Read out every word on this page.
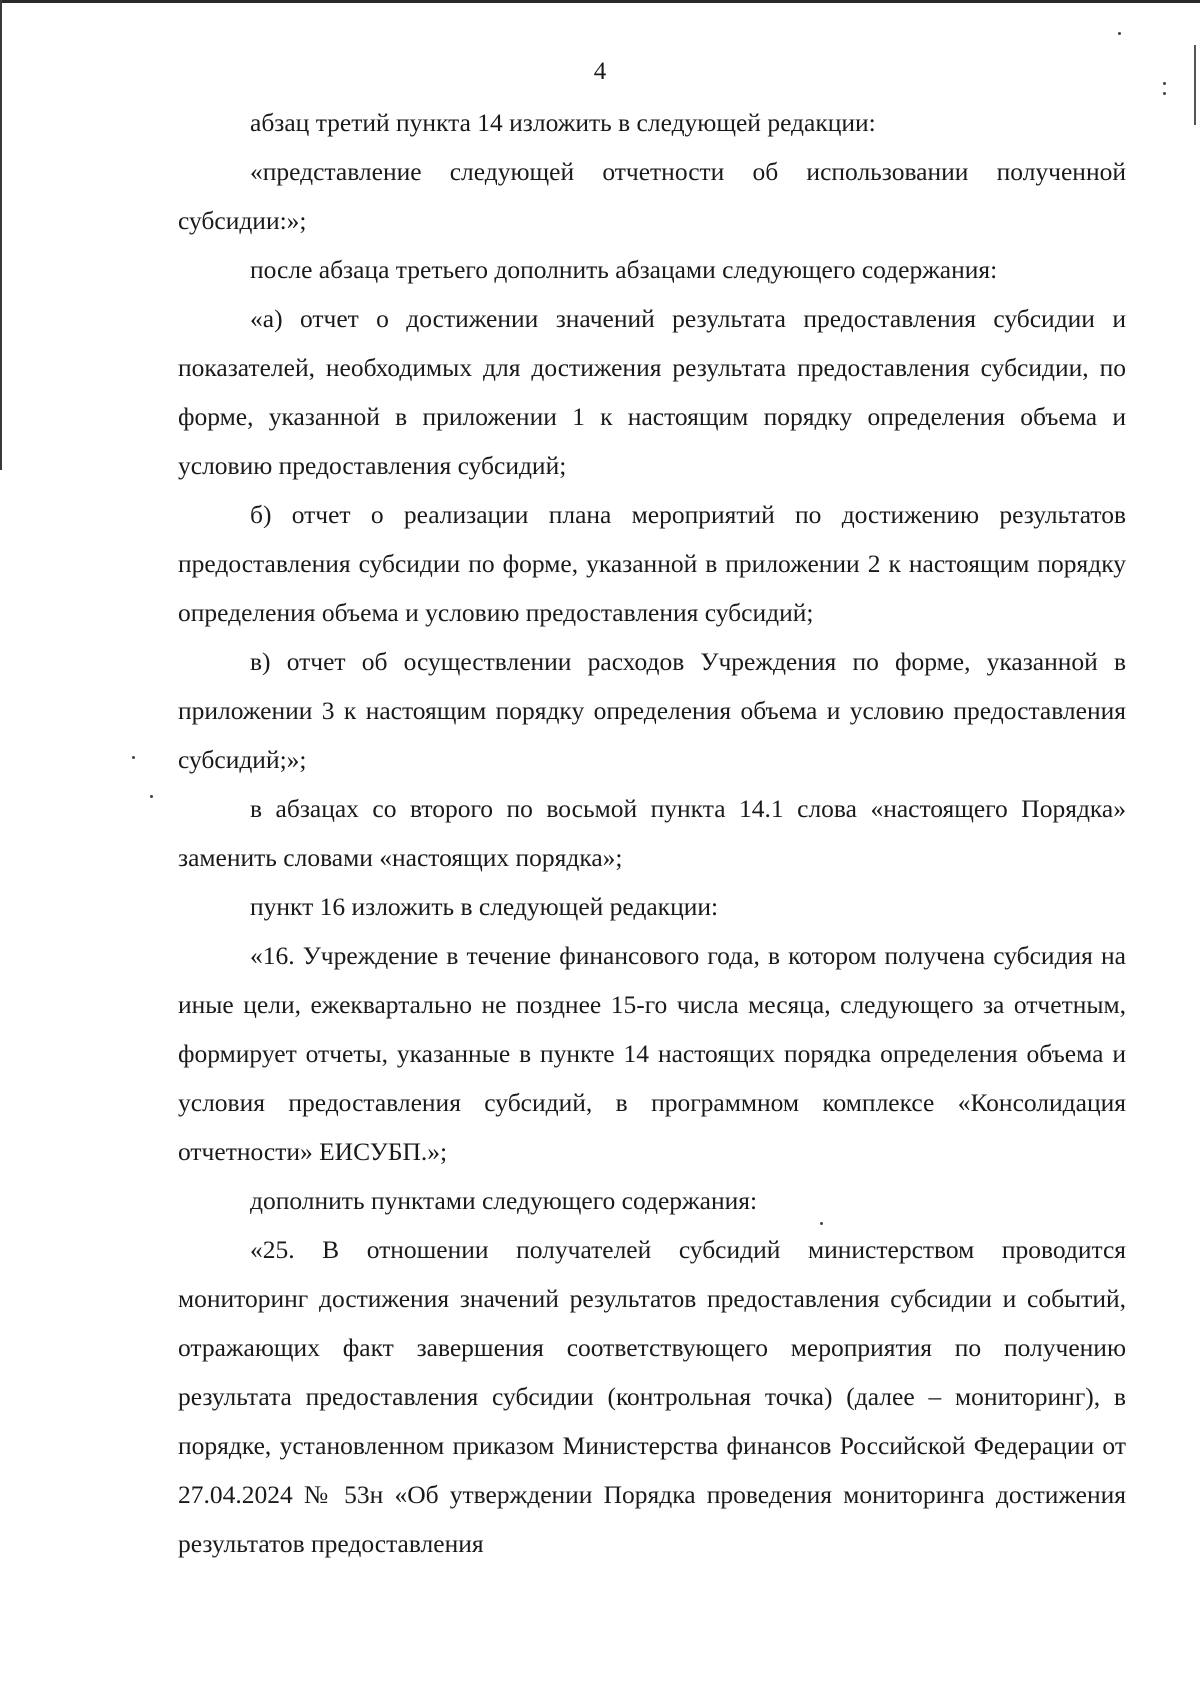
4

абзац третий пункта 14 изложить в следующей редакции:

«представление следующей отчетности об использовании полученной субсидии:»;

после абзаца третьего дополнить абзацами следующего содержания:

«а) отчет о достижении значений результата предоставления субсидии и показателей, необходимых для достижения результата предоставления субсидии, по форме, указанной в приложении 1 к настоящим порядку определения объема и условию предоставления субсидий;

б) отчет о реализации плана мероприятий по достижению результатов предоставления субсидии по форме, указанной в приложении 2 к настоящим порядку определения объема и условию предоставления субсидий;

в) отчет об осуществлении расходов Учреждения по форме, указанной в приложении 3 к настоящим порядку определения объема и условию предоставления субсидий;»;

в абзацах со второго по восьмой пункта 14.1 слова «настоящего Порядка» заменить словами «настоящих порядка»;

пункт 16 изложить в следующей редакции:

«16. Учреждение в течение финансового года, в котором получена субсидия на иные цели, ежеквартально не позднее 15-го числа месяца, следующего за отчетным, формирует отчеты, указанные в пункте 14 настоящих порядка определения объема и условия предоставления субсидий, в программном комплексе «Консолидация отчетности» ЕИСУБП.»;

дополнить пунктами следующего содержания:

«25. В отношении получателей субсидий министерством проводится мониторинг достижения значений результатов предоставления субсидии и событий, отражающих факт завершения соответствующего мероприятия по получению результата предоставления субсидии (контрольная точка) (далее – мониторинг), в порядке, установленном приказом Министерства финансов Российской Федерации от 27.04.2024 № 53н «Об утверждении Порядка проведения мониторинга достижения результатов предоставления
